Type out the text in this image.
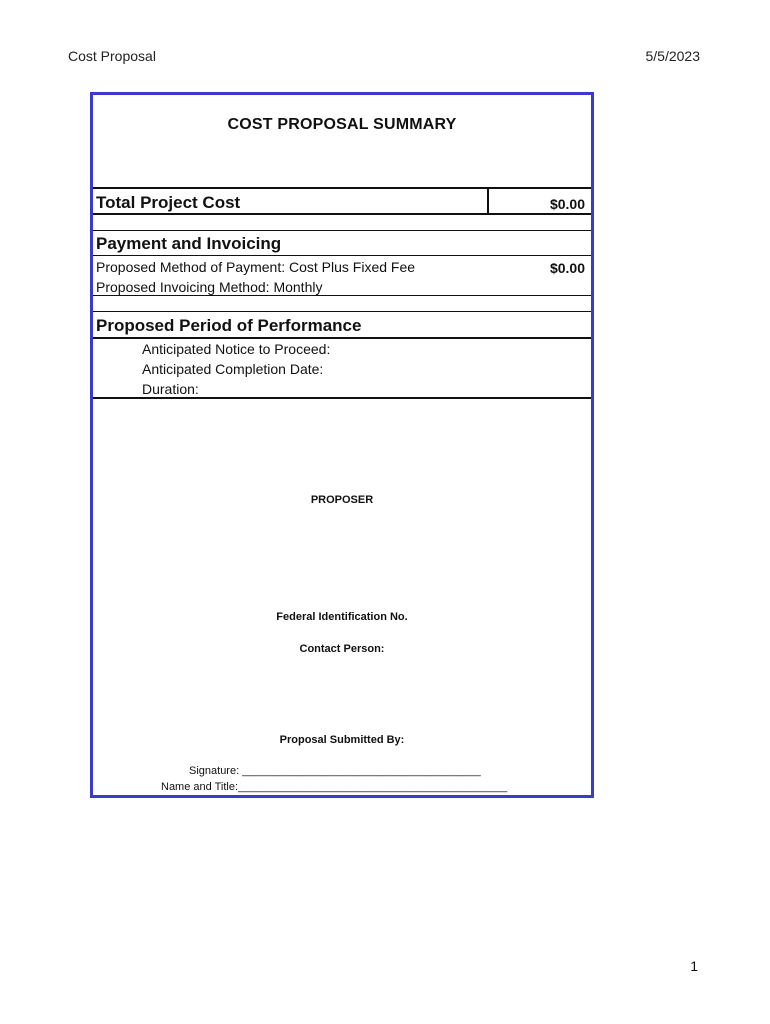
Cost Proposal	5/5/2023
COST PROPOSAL SUMMARY
Total Project Cost	$0.00
Payment and Invoicing
Proposed Method of Payment: Cost Plus Fixed Fee
Proposed Invoicing Method: Monthly
$0.00
Proposed Period of Performance
Anticipated Notice to Proceed:
Anticipated Completion Date:
Duration:
PROPOSER
Federal Identification No.
Contact Person:
Proposal Submitted By:
Signature: _______________________________________
Name and Title:____________________________________________
1
